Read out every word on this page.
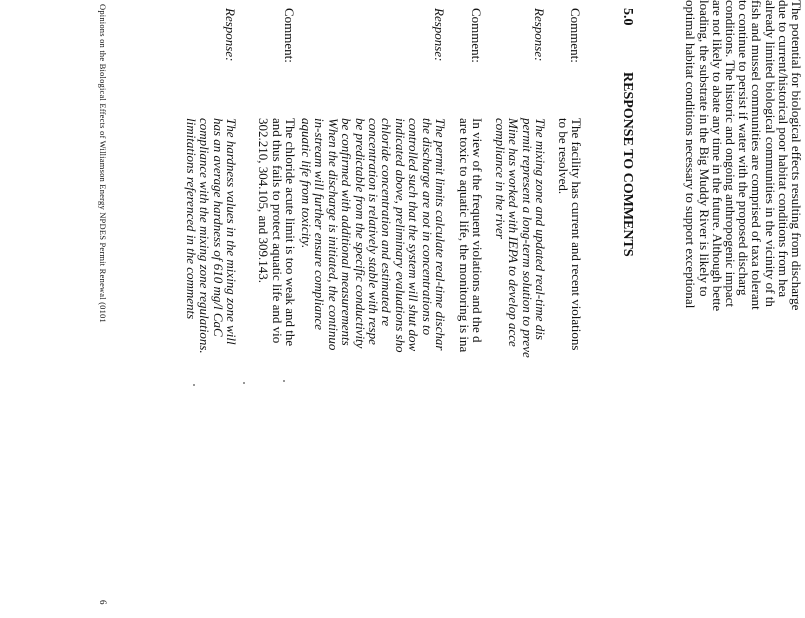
The potential for biological effects resulting from discharge
due to current/historical poor habitat conditions from hea
already limited biological communities in the vicinity of th
fish and mussel communities are comprised of taxa tolerant
to continue to persist if water with the proposed discharg
conditions. The historic and ongoing anthropogenic impact
are not likely to abate any time in the future. Although bette
loading, the substrate in the Big Muddy River is likely to
optimal habitat conditions necessary to support exceptional
5.0RESPONSE TO COMMENTS
Comment:
The facility has current and recent violations
to be resolved.
Response:
The mixing zone and updated real-time dis
permit represent a long-term solution to preve
Mine has worked with IEPA to develop acce
compliance in the river
Comment:
In view of the frequent violations and the d
are toxic to aquatic life, the monitoring is ina
Response:
The permit limits calculate real-time dischar
the discharge are not in concentrations to
controlled such that the system will shut dow
indicated above, preliminary evaluations sho
chloride concentration and estimated re
concentration is relatively stable with respe
be predictable from the specific conductivity
be confirmed with additional measurements
When the discharge is initiated, the continuo
in-stream will further ensure compliance
aquatic life from toxicity.
Comment:
The chloride acute limit is too weak and the
and thus fails to protect aquatic life and vio
302.210, 304.105, and 309.143.
Response:
The hardness values in the mixing zone will
has an average hardness of 610 mg/l CaC
compliance with the mixing zone regulations.
limitations referenced in the comments
Opinions on the Biological Effects of Williamson Energy NPDES Permit Renewal (0101
6
